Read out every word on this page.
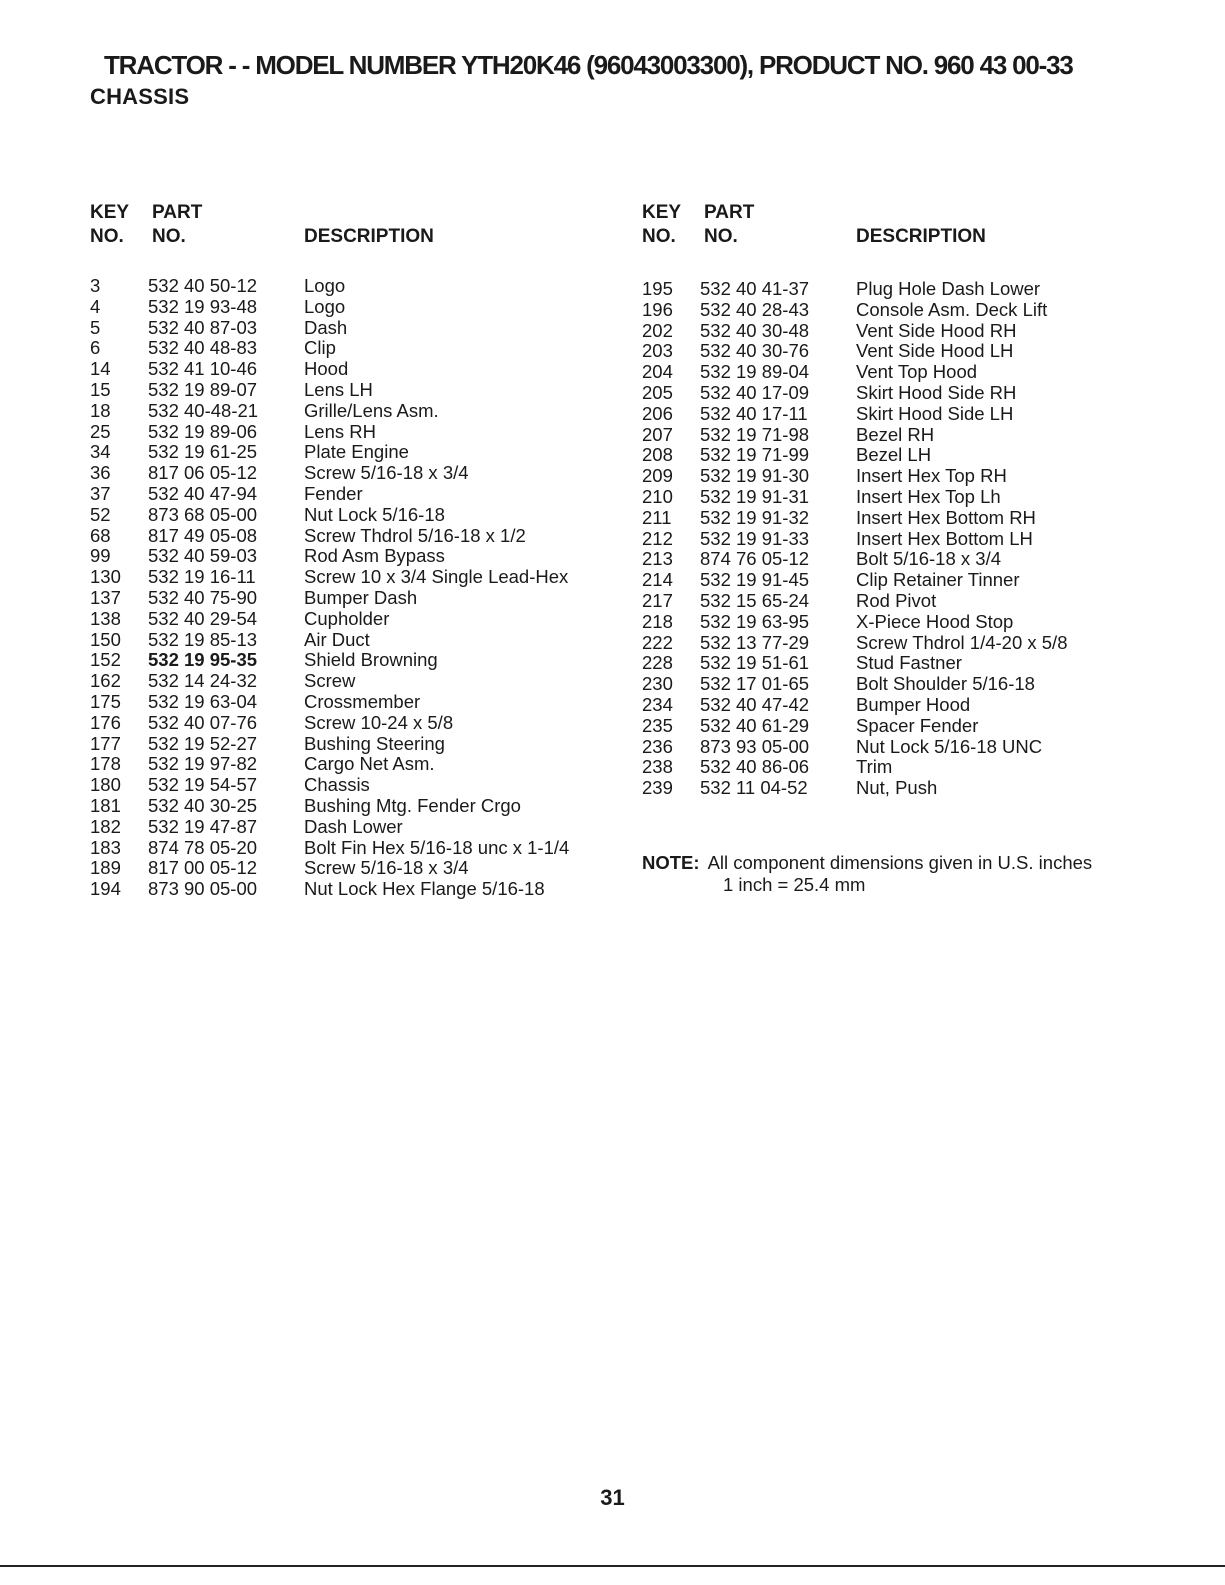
TRACTOR - - MODEL NUMBER YTH20K46 (96043003300), PRODUCT NO. 960 43 00-33
CHASSIS
KEY
NO.
PART
NO.	DESCRIPTION
3	532 40 50-12	Logo
4	532 19 93-48	Logo
5	532 40 87-03	Dash
6	532 40 48-83	Clip
14 532 41 10-46	Hood
15 532 19 89-07	Lens LH
18 532 40-48-21 Grille/Lens Asm.
25 532 19 89-06	Lens RH
34 532 19 61-25	Plate Engine
36 817 06 05-12	Screw 5/16-18 x 3/4
37 532 40 47-94	Fender
52 873 68 05-00	Nut Lock 5/16-18
68 817 49 05-08	Screw Thdrol 5/16-18 x 1/2
99 532 40 59-03	Rod Asm Bypass
130 532 19 16-11	Screw 10 x 3/4 Single Lead-Hex
137 532 40 75-90	Bumper Dash
138 532 40 29-54	Cupholder
150 532 19 85-13	Air Duct
152 532 19 95-35	Shield Browning
162 532 14 24-32	Screw
175 532 19 63-04	Crossmember
176 532 40 07-76	Screw 10-24 x 5/8
177 532 19 52-27	Bushing Steering
178 532 19 97-82	Cargo Net Asm.
180 532 19 54-57	Chassis
181 532 40 30-25	Bushing Mtg. Fender Crgo
182 532 19 47-87	Dash Lower
183 874 78 05-20	Bolt Fin Hex 5/16-18 unc x 1-1/4
189 817 00 05-12	Screw 5/16-18 x 3/4
194 873 90 05-00	Nut Lock Hex Flange 5/16-18
KEY
NO.
PART
NO.	DESCRIPTION
195 532 40 41-37	Plug Hole Dash Lower
196 532 40 28-43	Console Asm. Deck Lift
202 532 40 30-48	Vent Side Hood RH
203 532 40 30-76	Vent Side Hood LH
204 532 19 89-04	Vent Top Hood
205 532 40 17-09	Skirt Hood Side RH
206 532 40 17-11	Skirt Hood Side LH
207 532 19 71-98	Bezel RH
208 532 19 71-99	Bezel LH
209 532 19 91-30	Insert Hex Top RH
210 532 19 91-31	Insert Hex Top Lh
211 532 19 91-32	Insert Hex Bottom RH
212 532 19 91-33	Insert Hex Bottom LH
213 874 76 05-12	Bolt 5/16-18 x 3/4
214 532 19 91-45	Clip Retainer Tinner
217 532 15 65-24	Rod Pivot
218 532 19 63-95	X-Piece Hood Stop
222 532 13 77-29	Screw Thdrol 1/4-20 x 5/8
228 532 19 51-61	Stud Fastner
230 532 17 01-65	Bolt Shoulder 5/16-18
234 532 40 47-42	Bumper Hood
235 532 40 61-29	Spacer Fender
236 873 93 05-00	Nut Lock 5/16-18 UNC
238 532 40 86-06	Trim
239 532 11 04-52	Nut, Push
NOTE: All component dimensions given in U.S. inches
1 inch = 25.4 mm
31
